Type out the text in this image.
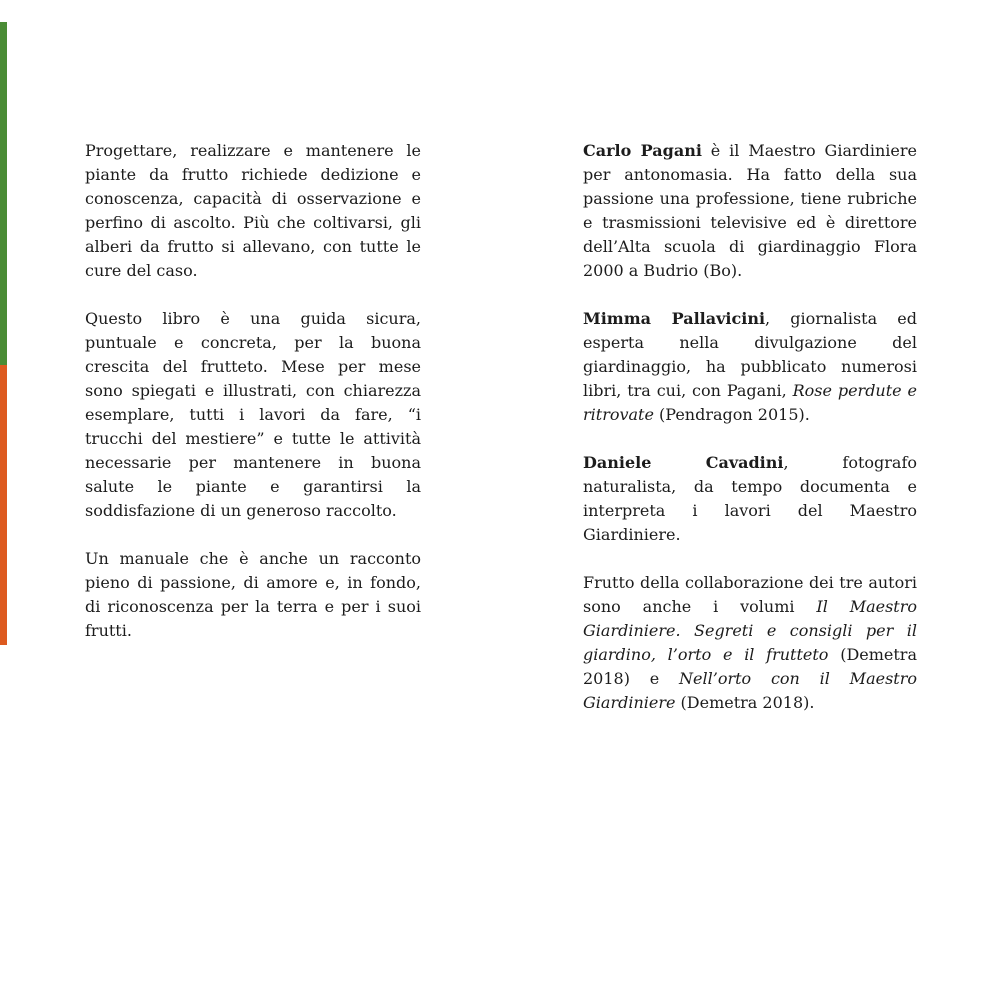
Progettare, realizzare e mantenere le piante da frutto richiede dedizione e conoscenza, capacità di osservazione e perfino di ascolto. Più che coltivarsi, gli alberi da frutto si allevano, con tutte le cure del caso.

Questo libro è una guida sicura, puntuale e concreta, per la buona crescita del frutteto. Mese per mese sono spiegati e illustrati, con chiarezza esemplare, tutti i lavori da fare, “i trucchi del mestiere” e tutte le attività necessarie per mantenere in buona salute le piante e garantirsi la soddisfazione di un generoso raccolto.

Un manuale che è anche un racconto pieno di passione, di amore e, in fondo, di riconoscenza per la terra e per i suoi frutti.

Carlo Pagani è il Maestro Giardiniere per antonomasia. Ha fatto della sua passione una professione, tiene rubriche e trasmissioni televisive ed è direttore dell’Alta scuola di giardinaggio Flora 2000 a Budrio (Bo).

Mimma Pallavicini, giornalista ed esperta nella divulgazione del giardinaggio, ha pubblicato numerosi libri, tra cui, con Pagani, Rose perdute e ritrovate (Pendragon 2015).

Daniele Cavadini, fotografo naturalista, da tempo documenta e interpreta i lavori del Maestro Giardiniere.

Frutto della collaborazione dei tre autori sono anche i volumi Il Maestro Giardiniere. Segreti e consigli per il giardino, l’orto e il frutteto (Demetra 2018) e Nell’orto con il Maestro Giardiniere (Demetra 2018).
